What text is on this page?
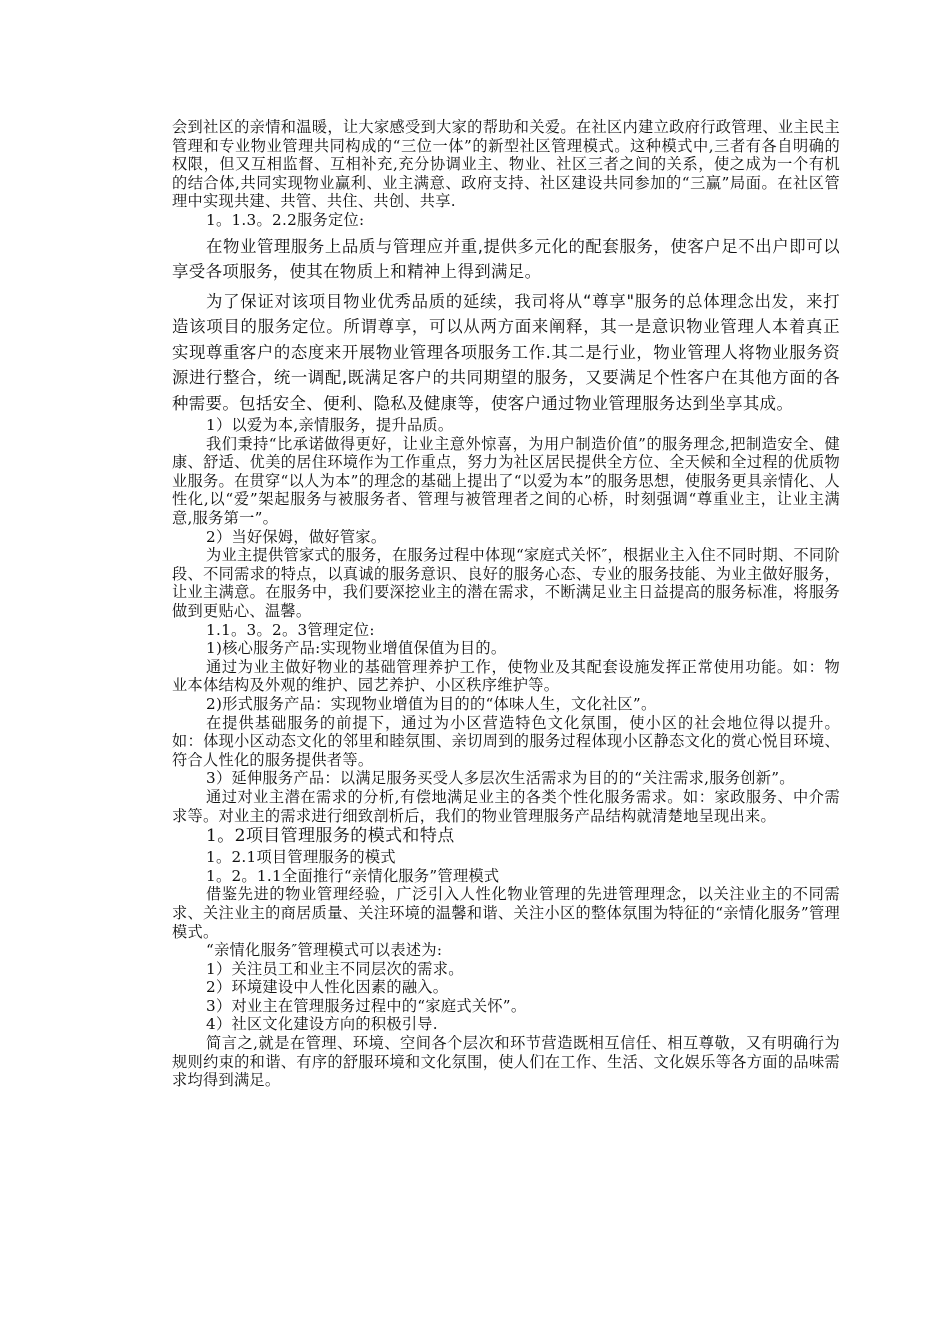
会到社区的亲情和温暖，让大家感受到大家的帮助和关爱。在社区内建立政府行政管理、业主民主管理和专业物业管理共同构成的“三位一体”的新型社区管理模式。这种模式中,三者有各自明确的权限，但又互相监督、互相补充,充分协调业主、物业、社区三者之间的关系，使之成为一个有机的结合体,共同实现物业赢利、业主满意、政府支持、社区建设共同参加的“三赢”局面。在社区管理中实现共建、共管、共住、共创、共享.

1。1.3。2.2服务定位:

在物业管理服务上品质与管理应并重,提供多元化的配套服务，使客户足不出户即可以享受各项服务，使其在物质上和精神上得到满足。

为了保证对该项目物业优秀品质的延续，我司将从“尊享"服务的总体理念出发，来打造该项目的服务定位。所谓尊享，可以从两方面来阐释，其一是意识物业管理人本着真正实现尊重客户的态度来开展物业管理各项服务工作.其二是行业，物业管理人将物业服务资源进行整合，统一调配,既满足客户的共同期望的服务，又要满足个性客户在其他方面的各种需要。包括安全、便利、隐私及健康等，使客户通过物业管理服务达到坐享其成。

1）以爱为本,亲情服务，提升品质。

我们秉持“比承诺做得更好，让业主意外惊喜，为用户制造价值”的服务理念,把制造安全、健康、舒适、优美的居住环境作为工作重点，努力为社区居民提供全方位、全天候和全过程的优质物业服务。在贯穿“以人为本”的理念的基础上提出了“以爱为本”的服务思想，使服务更具亲情化、人性化,以“爱”架起服务与被服务者、管理与被管理者之间的心桥，时刻强调“尊重业主，让业主满意,服务第一”。

2）当好保姆，做好管家。

为业主提供管家式的服务，在服务过程中体现“家庭式关怀″，根据业主入住不同时期、不同阶段、不同需求的特点，以真诚的服务意识、良好的服务心态、专业的服务技能、为业主做好服务，让业主满意。在服务中，我们要深挖业主的潜在需求，不断满足业主日益提高的服务标准，将服务做到更贴心、温馨。

1.1。3。2。3管理定位:

1)核心服务产品:实现物业增值保值为目的。

通过为业主做好物业的基础管理养护工作，使物业及其配套设施发挥正常使用功能。如：物业本体结构及外观的维护、园艺养护、小区秩序维护等。

2)形式服务产品：实现物业增值为目的的“体味人生，文化社区”。

在提供基础服务的前提下，通过为小区营造特色文化氛围，使小区的社会地位得以提升。如：体现小区动态文化的邻里和睦氛围、亲切周到的服务过程体现小区静态文化的赏心悦目环境、符合人性化的服务提供者等。

3）延伸服务产品：以满足服务买受人多层次生活需求为目的的“关注需求,服务创新”。

通过对业主潜在需求的分析,有偿地满足业主的各类个性化服务需求。如：家政服务、中介需求等。对业主的需求进行细致剖析后，我们的物业管理服务产品结构就清楚地呈现出来。

1。2项目管理服务的模式和特点

1。2.1项目管理服务的模式

1。2。1.1全面推行“亲情化服务”管理模式

借鉴先进的物业管理经验，广泛引入人性化物业管理的先进管理理念，以关注业主的不同需求、关注业主的商居质量、关注环境的温馨和谐、关注小区的整体氛围为特征的“亲情化服务”管理模式。

“亲情化服务″管理模式可以表述为:

1）关注员工和业主不同层次的需求。

2）环境建设中人性化因素的融入。

3）对业主在管理服务过程中的“家庭式关怀”。

4）社区文化建设方向的积极引导.

简言之,就是在管理、环境、空间各个层次和环节营造既相互信任、相互尊敬，又有明确行为规则约束的和谐、有序的舒服环境和文化氛围，使人们在工作、生活、文化娱乐等各方面的品味需求均得到满足。
